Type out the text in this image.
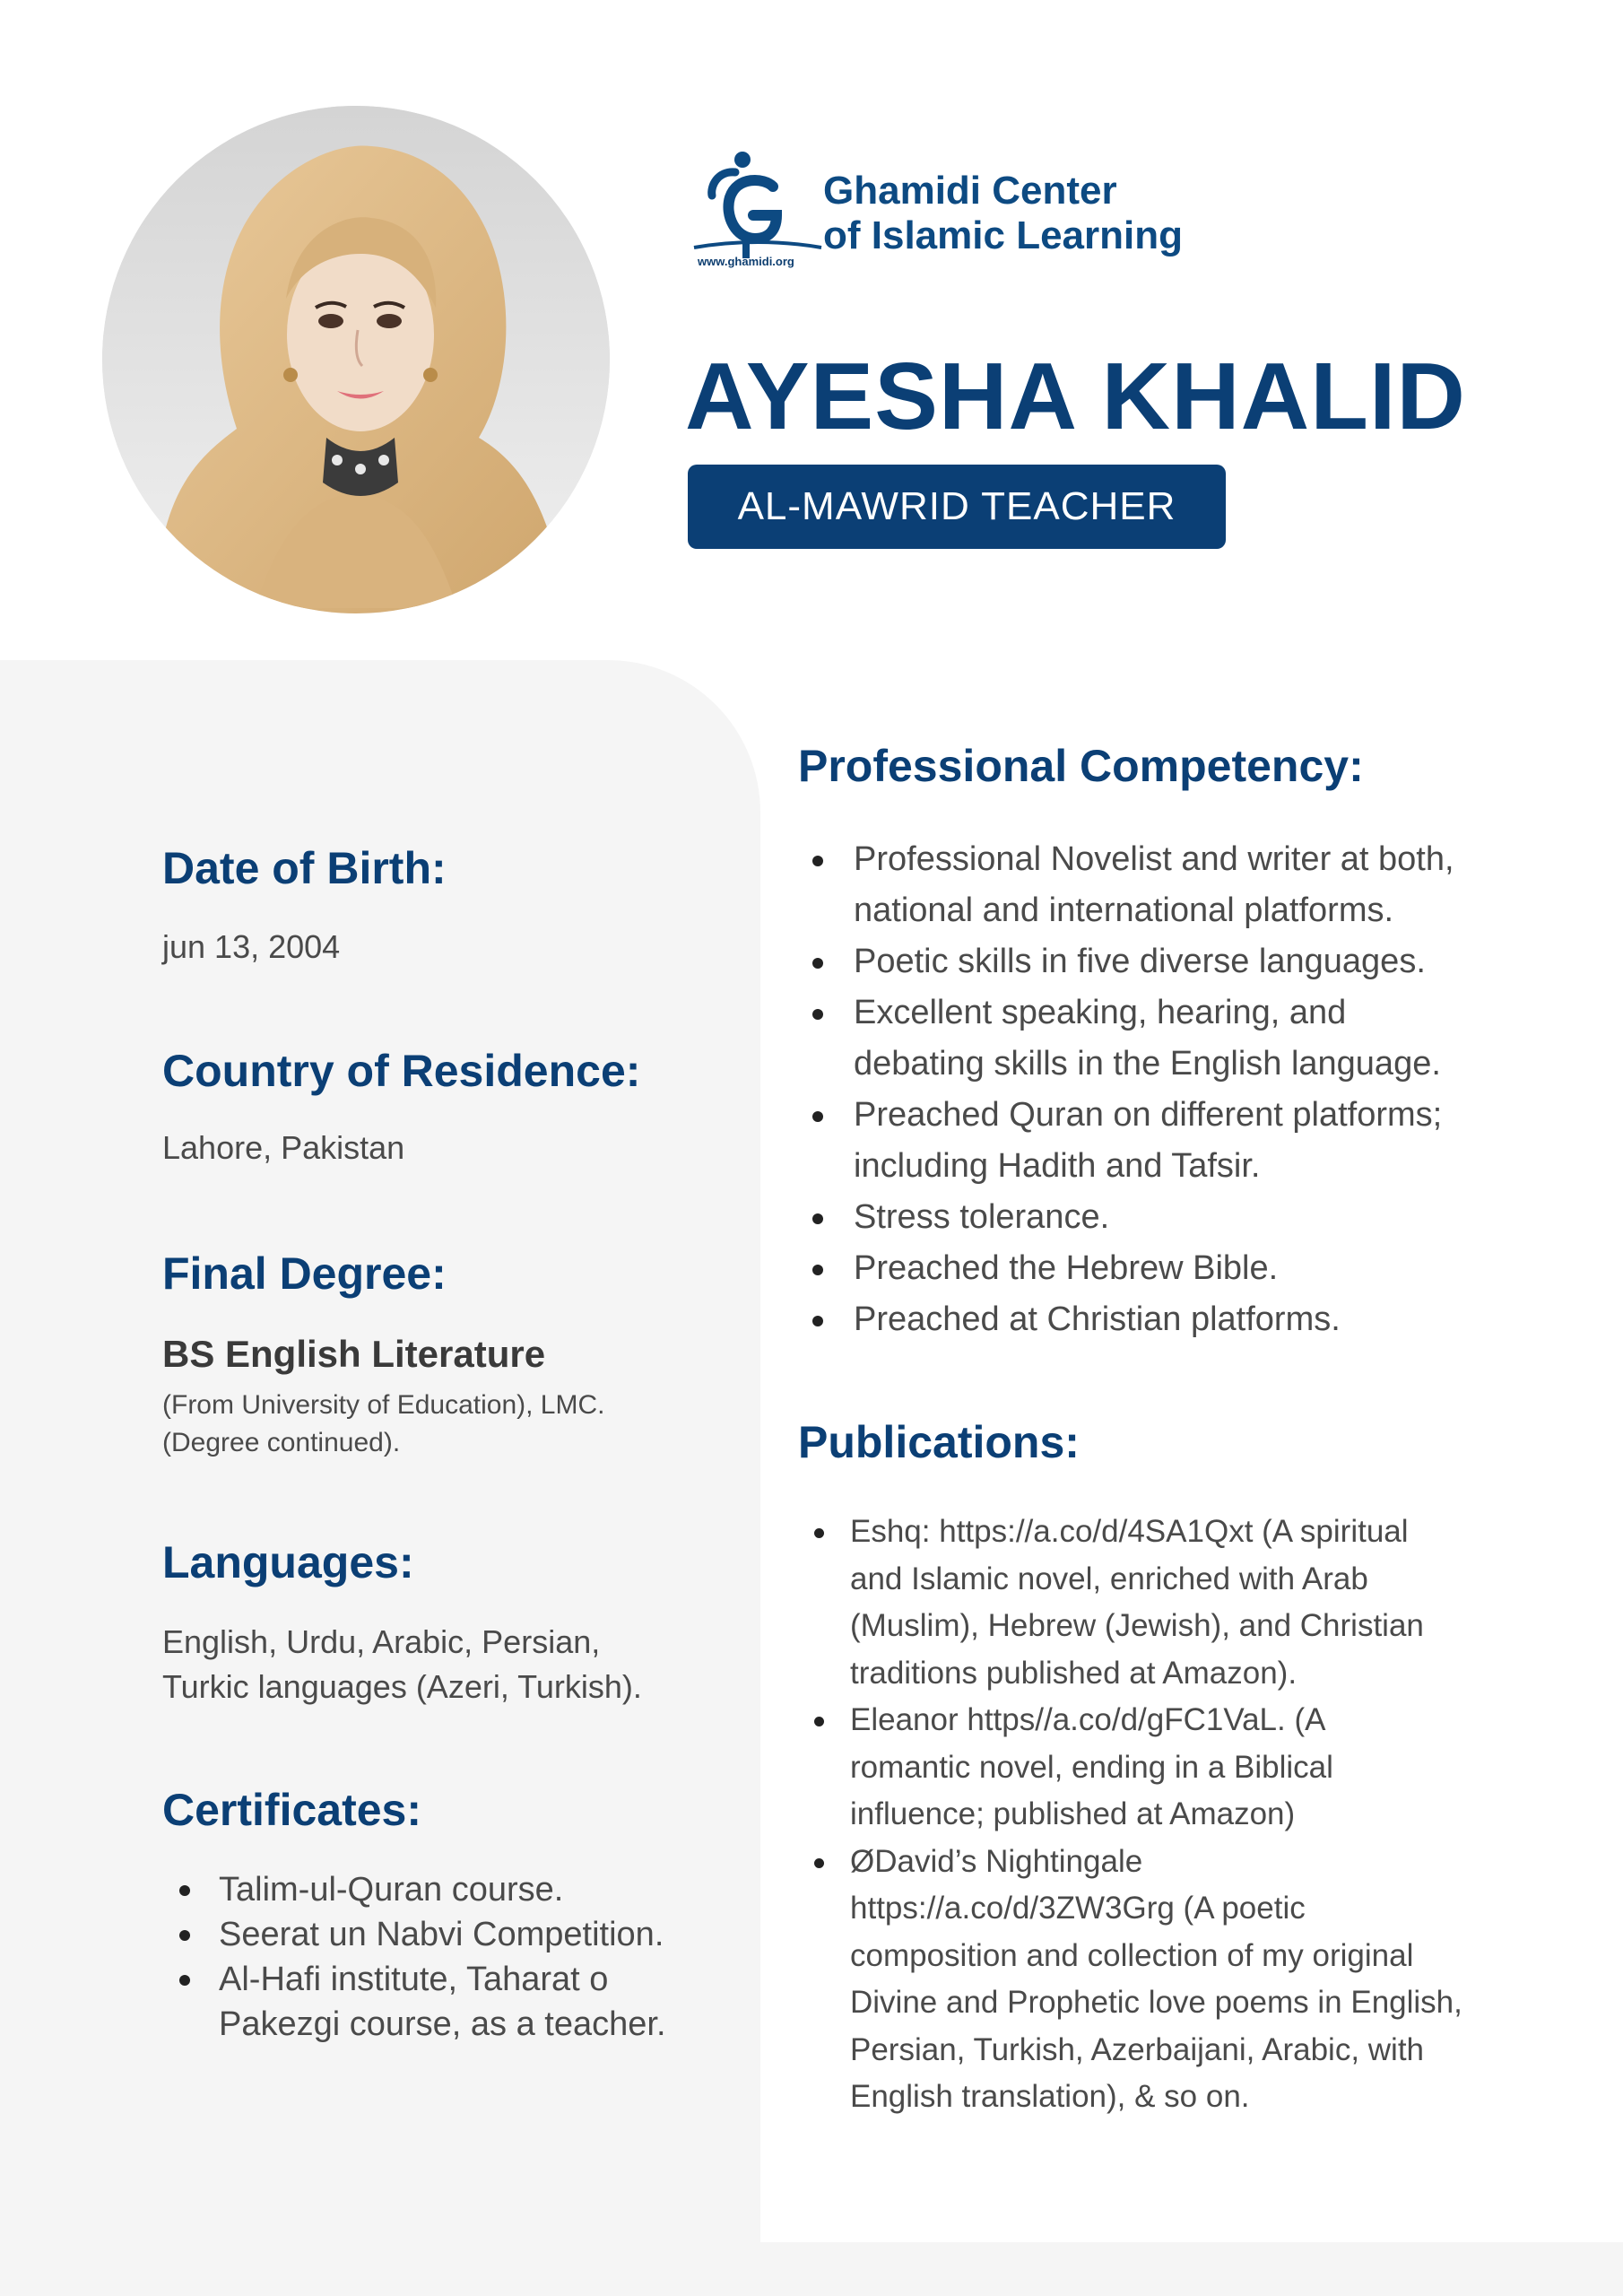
Ghamidi Center
of Islamic Learning
www.ghamidi.org
AYESHA KHALID
AL-MAWRID TEACHER
Date of Birth:
jun 13, 2004
Country of Residence:
Lahore, Pakistan
Final Degree:
BS English Literature
(From University of Education), LMC.
(Degree continued).
Languages:
English, Urdu, Arabic, Persian,
Turkic languages (Azeri, Turkish).
Certificates:
Talim-ul-Quran course.
Seerat un Nabvi Competition.
Al-Hafi institute, Taharat o
Pakezgi course, as a teacher.
Professional Competency:
Professional Novelist and writer at both,
national and international platforms.
Poetic skills in five diverse languages.
Excellent speaking, hearing, and
debating skills in the English language.
Preached Quran on different platforms;
including Hadith and Tafsir.
Stress tolerance.
Preached the Hebrew Bible.
Preached at Christian platforms.
Publications:
Eshq: https://a.co/d/4SA1Qxt (A spiritual
and Islamic novel, enriched with Arab
(Muslim), Hebrew (Jewish), and Christian
traditions published at Amazon).
Eleanor https//a.co/d/gFC1VaL. (A
romantic novel, ending in a Biblical
influence; published at Amazon)
ØDavid’s Nightingale
https://a.co/d/3ZW3Grg (A poetic
composition and collection of my original
Divine and Prophetic love poems in English,
Persian, Turkish, Azerbaijani, Arabic, with
English translation), & so on.
